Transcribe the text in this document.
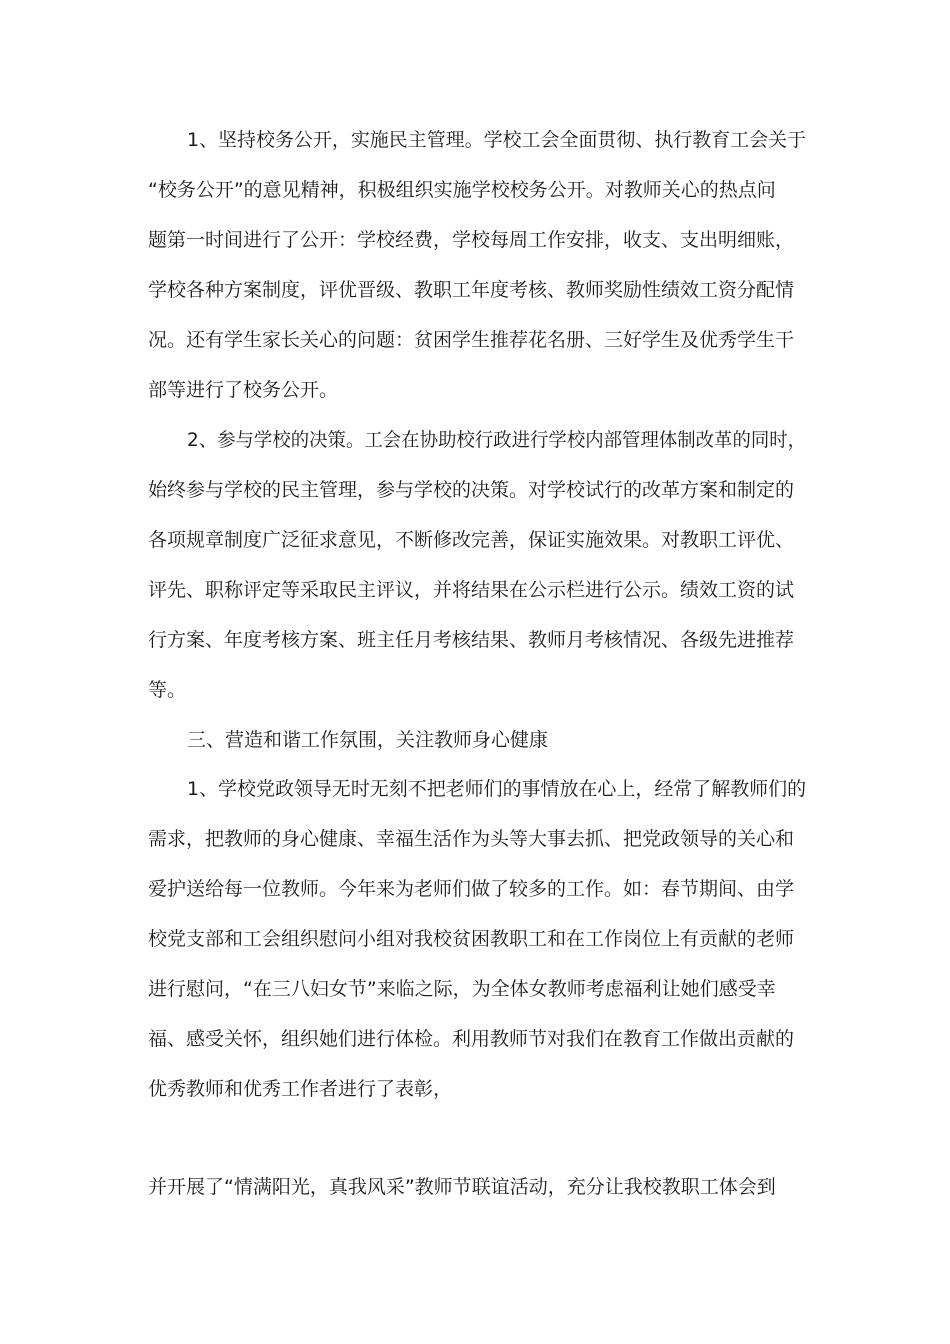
1、坚持校务公开，实施民主管理。学校工会全面贯彻、执行教育工会关于
“校务公开”的意见精神，积极组织实施学校校务公开。对教师关心的热点问
题第一时间进行了公开：学校经费，学校每周工作安排，收支、支出明细账，
学校各种方案制度，评优晋级、教职工年度考核、教师奖励性绩效工资分配情
况。还有学生家长关心的问题：贫困学生推荐花名册、三好学生及优秀学生干
部等进行了校务公开。
2、参与学校的决策。工会在协助校行政进行学校内部管理体制改革的同时，
始终参与学校的民主管理，参与学校的决策。对学校试行的改革方案和制定的
各项规章制度广泛征求意见，不断修改完善，保证实施效果。对教职工评优、
评先、职称评定等采取民主评议，并将结果在公示栏进行公示。绩效工资的试
行方案、年度考核方案、班主任月考核结果、教师月考核情况、各级先进推荐
等。
三、营造和谐工作氛围，关注教师身心健康
1、学校党政领导无时无刻不把老师们的事情放在心上，经常了解教师们的
需求，把教师的身心健康、幸福生活作为头等大事去抓、把党政领导的关心和
爱护送给每一位教师。今年来为老师们做了较多的工作。如：春节期间、由学
校党支部和工会组织慰问小组对我校贫困教职工和在工作岗位上有贡献的老师
进行慰问，“在三八妇女节”来临之际，为全体女教师考虑福利让她们感受幸
福、感受关怀，组织她们进行体检。利用教师节对我们在教育工作做出贡献的
优秀教师和优秀工作者进行了表彰，
并开展了“情满阳光，真我风采”教师节联谊活动，充分让我校教职工体会到
